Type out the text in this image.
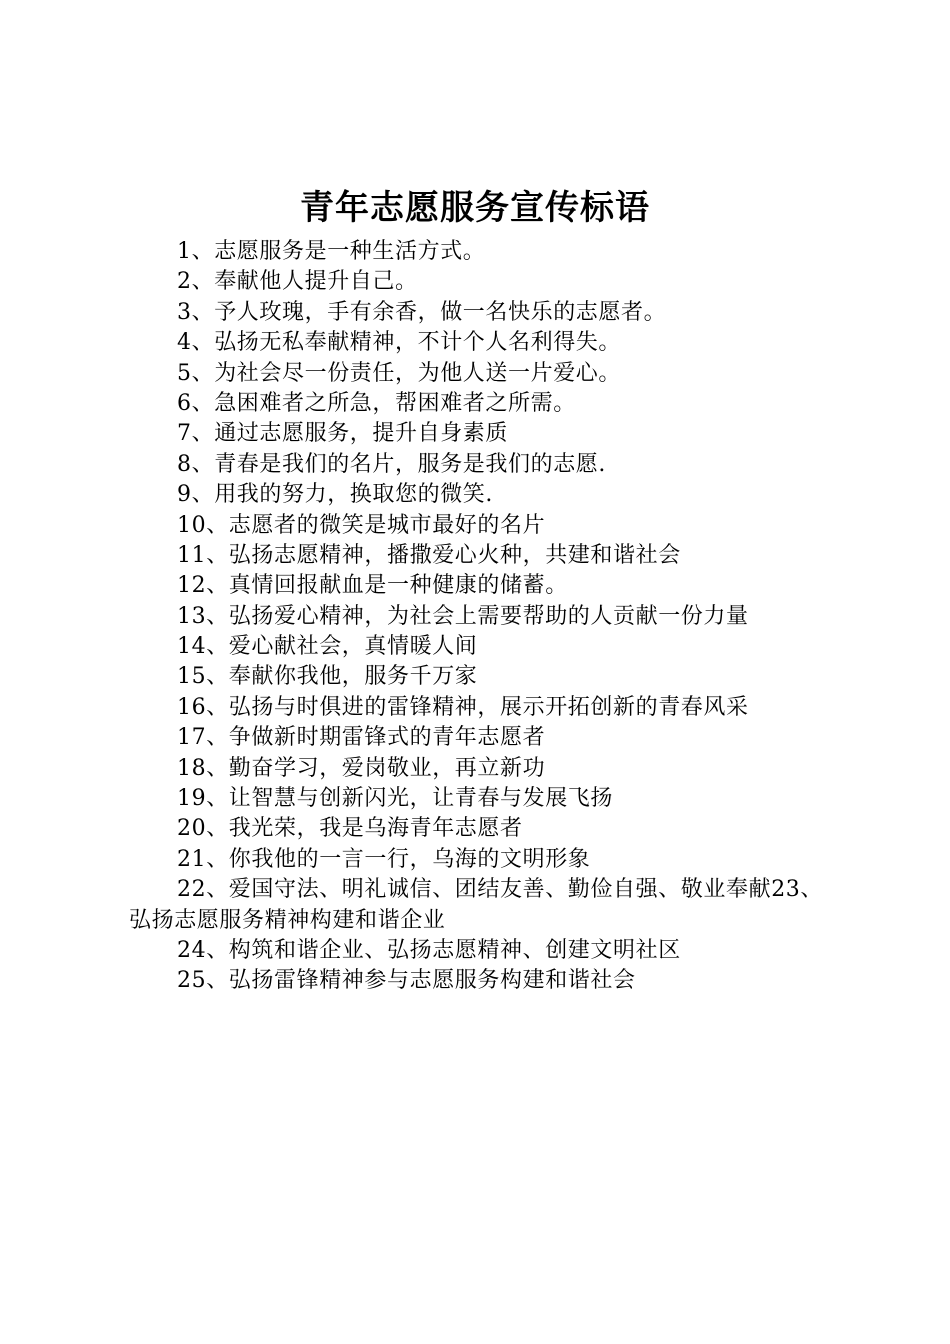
青年志愿服务宣传标语
1、志愿服务是一种生活方式。
2、奉献他人提升自己。
3、予人玫瑰，手有余香，做一名快乐的志愿者。
4、弘扬无私奉献精神，不计个人名利得失。
5、为社会尽一份责任，为他人送一片爱心。
6、急困难者之所急，帮困难者之所需。
7、通过志愿服务，提升自身素质
8、青春是我们的名片，服务是我们的志愿.
9、用我的努力，换取您的微笑.
10、志愿者的微笑是城市最好的名片
11、弘扬志愿精神，播撒爱心火种，共建和谐社会
12、真情回报献血是一种健康的储蓄。
13、弘扬爱心精神，为社会上需要帮助的人贡献一份力量
14、爱心献社会，真情暖人间
15、奉献你我他，服务千万家
16、弘扬与时俱进的雷锋精神，展示开拓创新的青春风采
17、争做新时期雷锋式的青年志愿者
18、勤奋学习，爱岗敬业，再立新功
19、让智慧与创新闪光，让青春与发展飞扬
20、我光荣，我是乌海青年志愿者
21、你我他的一言一行，乌海的文明形象
22、爱国守法、明礼诚信、团结友善、勤俭自强、敬业奉献23、弘扬志愿服务精神构建和谐企业
24、构筑和谐企业、弘扬志愿精神、创建文明社区
25、弘扬雷锋精神参与志愿服务构建和谐社会
